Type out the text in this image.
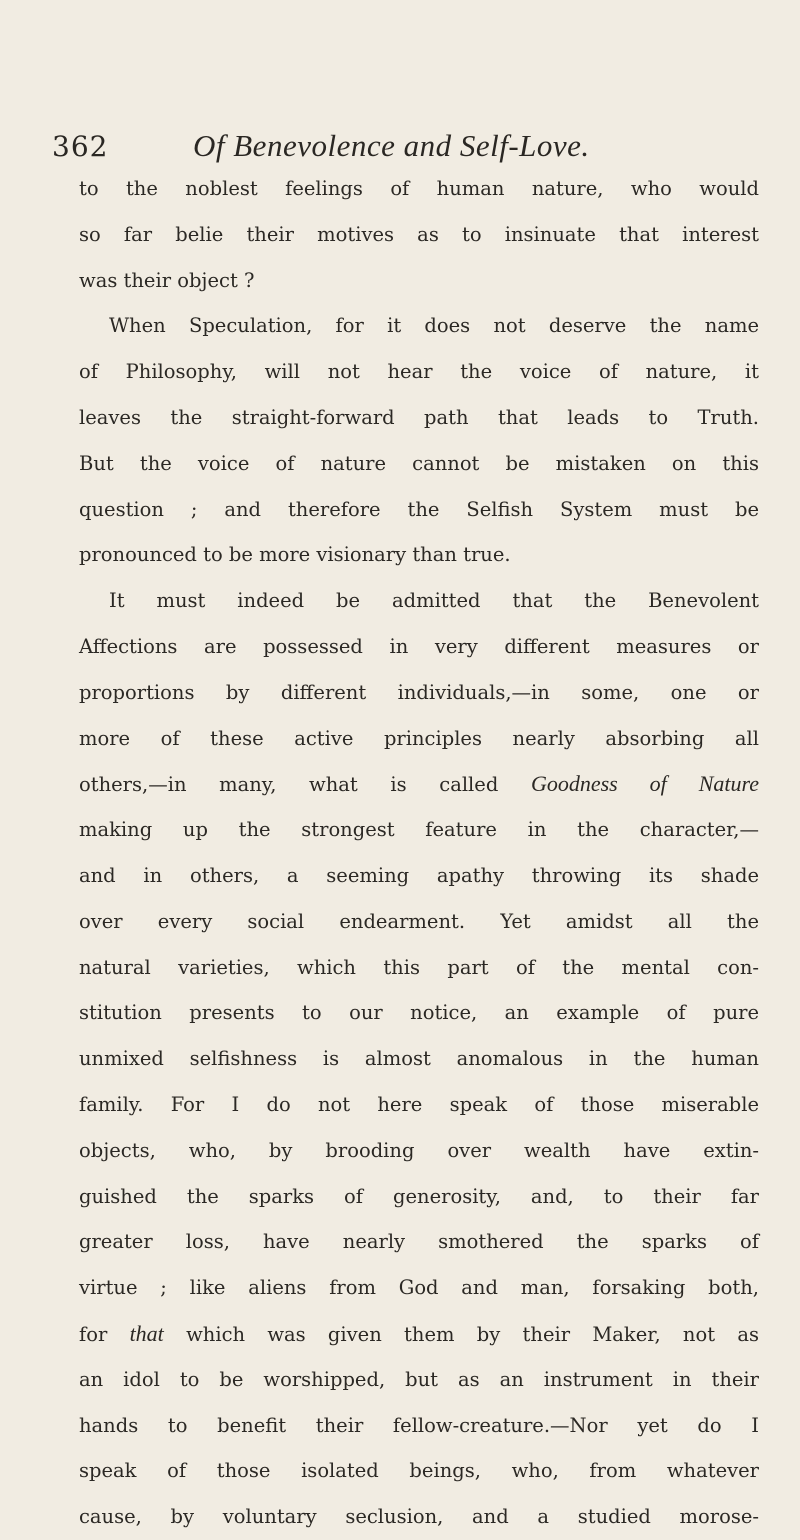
362	Of Benevolence and Self-Love.
to the noblest feelings of human nature, who would
so far belie their motives as to insinuate that interest
was their object ?
When Speculation, for it does not deserve the name
of Philosophy, will not hear the voice of nature, it
leaves the straight-forward path that leads to Truth.
But the voice of nature cannot be mistaken on this
question ; and therefore the Selfish System must be
pronounced to be more visionary than true.
It must indeed be admitted that the Benevolent
Affections are possessed in very different measures or
proportions by different individuals,—in some, one or
more of these active principles nearly absorbing all
others,—in many, what is called Goodness of Nature
making up the strongest feature in the character,—
and in others, a seeming apathy throwing its shade
over every social endearment. Yet amidst all the
natural varieties, which this part of the mental con-
stitution presents to our notice, an example of pure
unmixed selfishness is almost anomalous in the human
family. For I do not here speak of those miserable
objects, who, by brooding over wealth have extin-
guished the sparks of generosity, and, to their far
greater loss, have nearly smothered the sparks of
virtue ; like aliens from God and man, forsaking both,
for that which was given them by their Maker, not as
an idol to be worshipped, but as an instrument in their
hands to benefit their fellow-creature.—Nor yet do I
speak of those isolated beings, who, from whatever
cause, by voluntary seclusion, and a studied morose-
